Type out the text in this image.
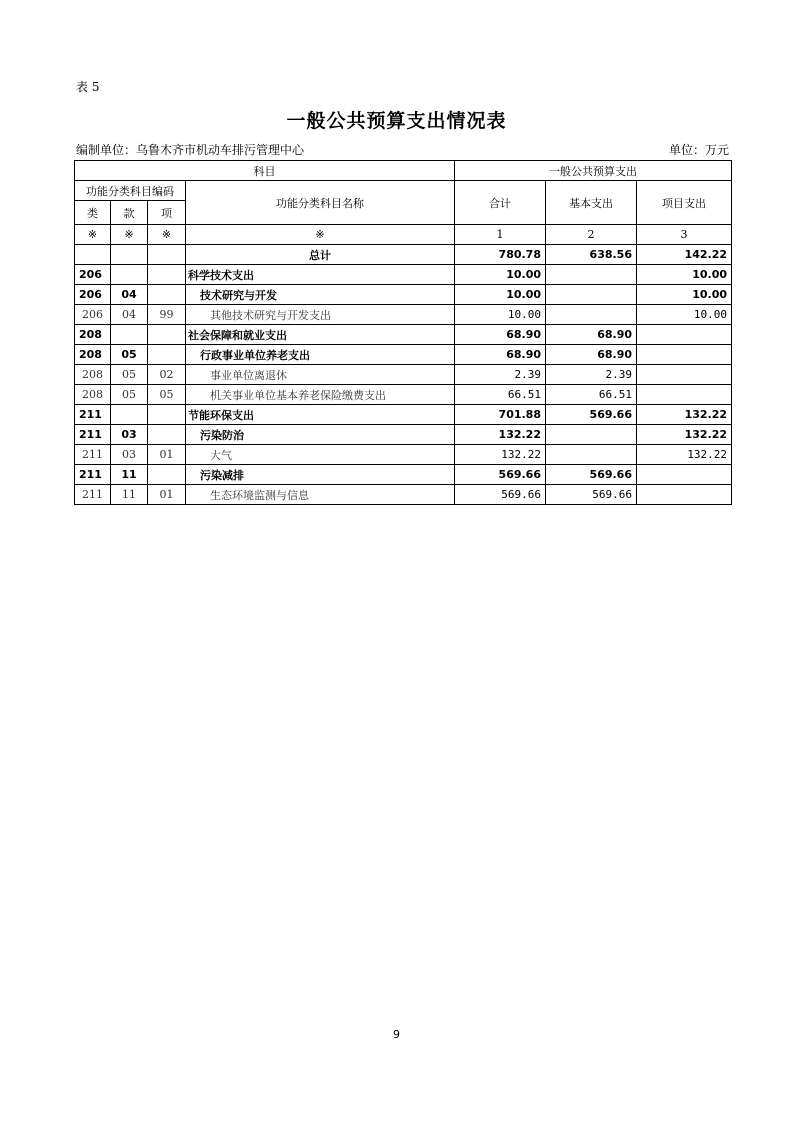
表 5
一般公共预算支出情况表
编制单位：乌鲁木齐市机动车排污管理中心	单位：万元
科目				一般公共预算支出		
功能分类科目编码			功能分类科目名称	合计	基本支出	项目支出
类	款	项				
※	※	※	※	1	2	3
			总计	780.78	638.56	142.22
206			科学技术支出	10.00		10.00
206	04		技术研究与开发	10.00		10.00
206	04	99	其他技术研究与开发支出	10.00		10.00
208			社会保障和就业支出	68.90	68.90	
208	05		行政事业单位养老支出	68.90	68.90	
208	05	02	事业单位离退休	2.39	2.39	
208	05	05	机关事业单位基本养老保险缴费支出	66.51	66.51	
211			节能环保支出	701.88	569.66	132.22
211	03		污染防治	132.22		132.22
211	03	01	大气	132.22		132.22
211	11		污染减排	569.66	569.66	
211	11	01	生态环境监测与信息	569.66	569.66	
9
